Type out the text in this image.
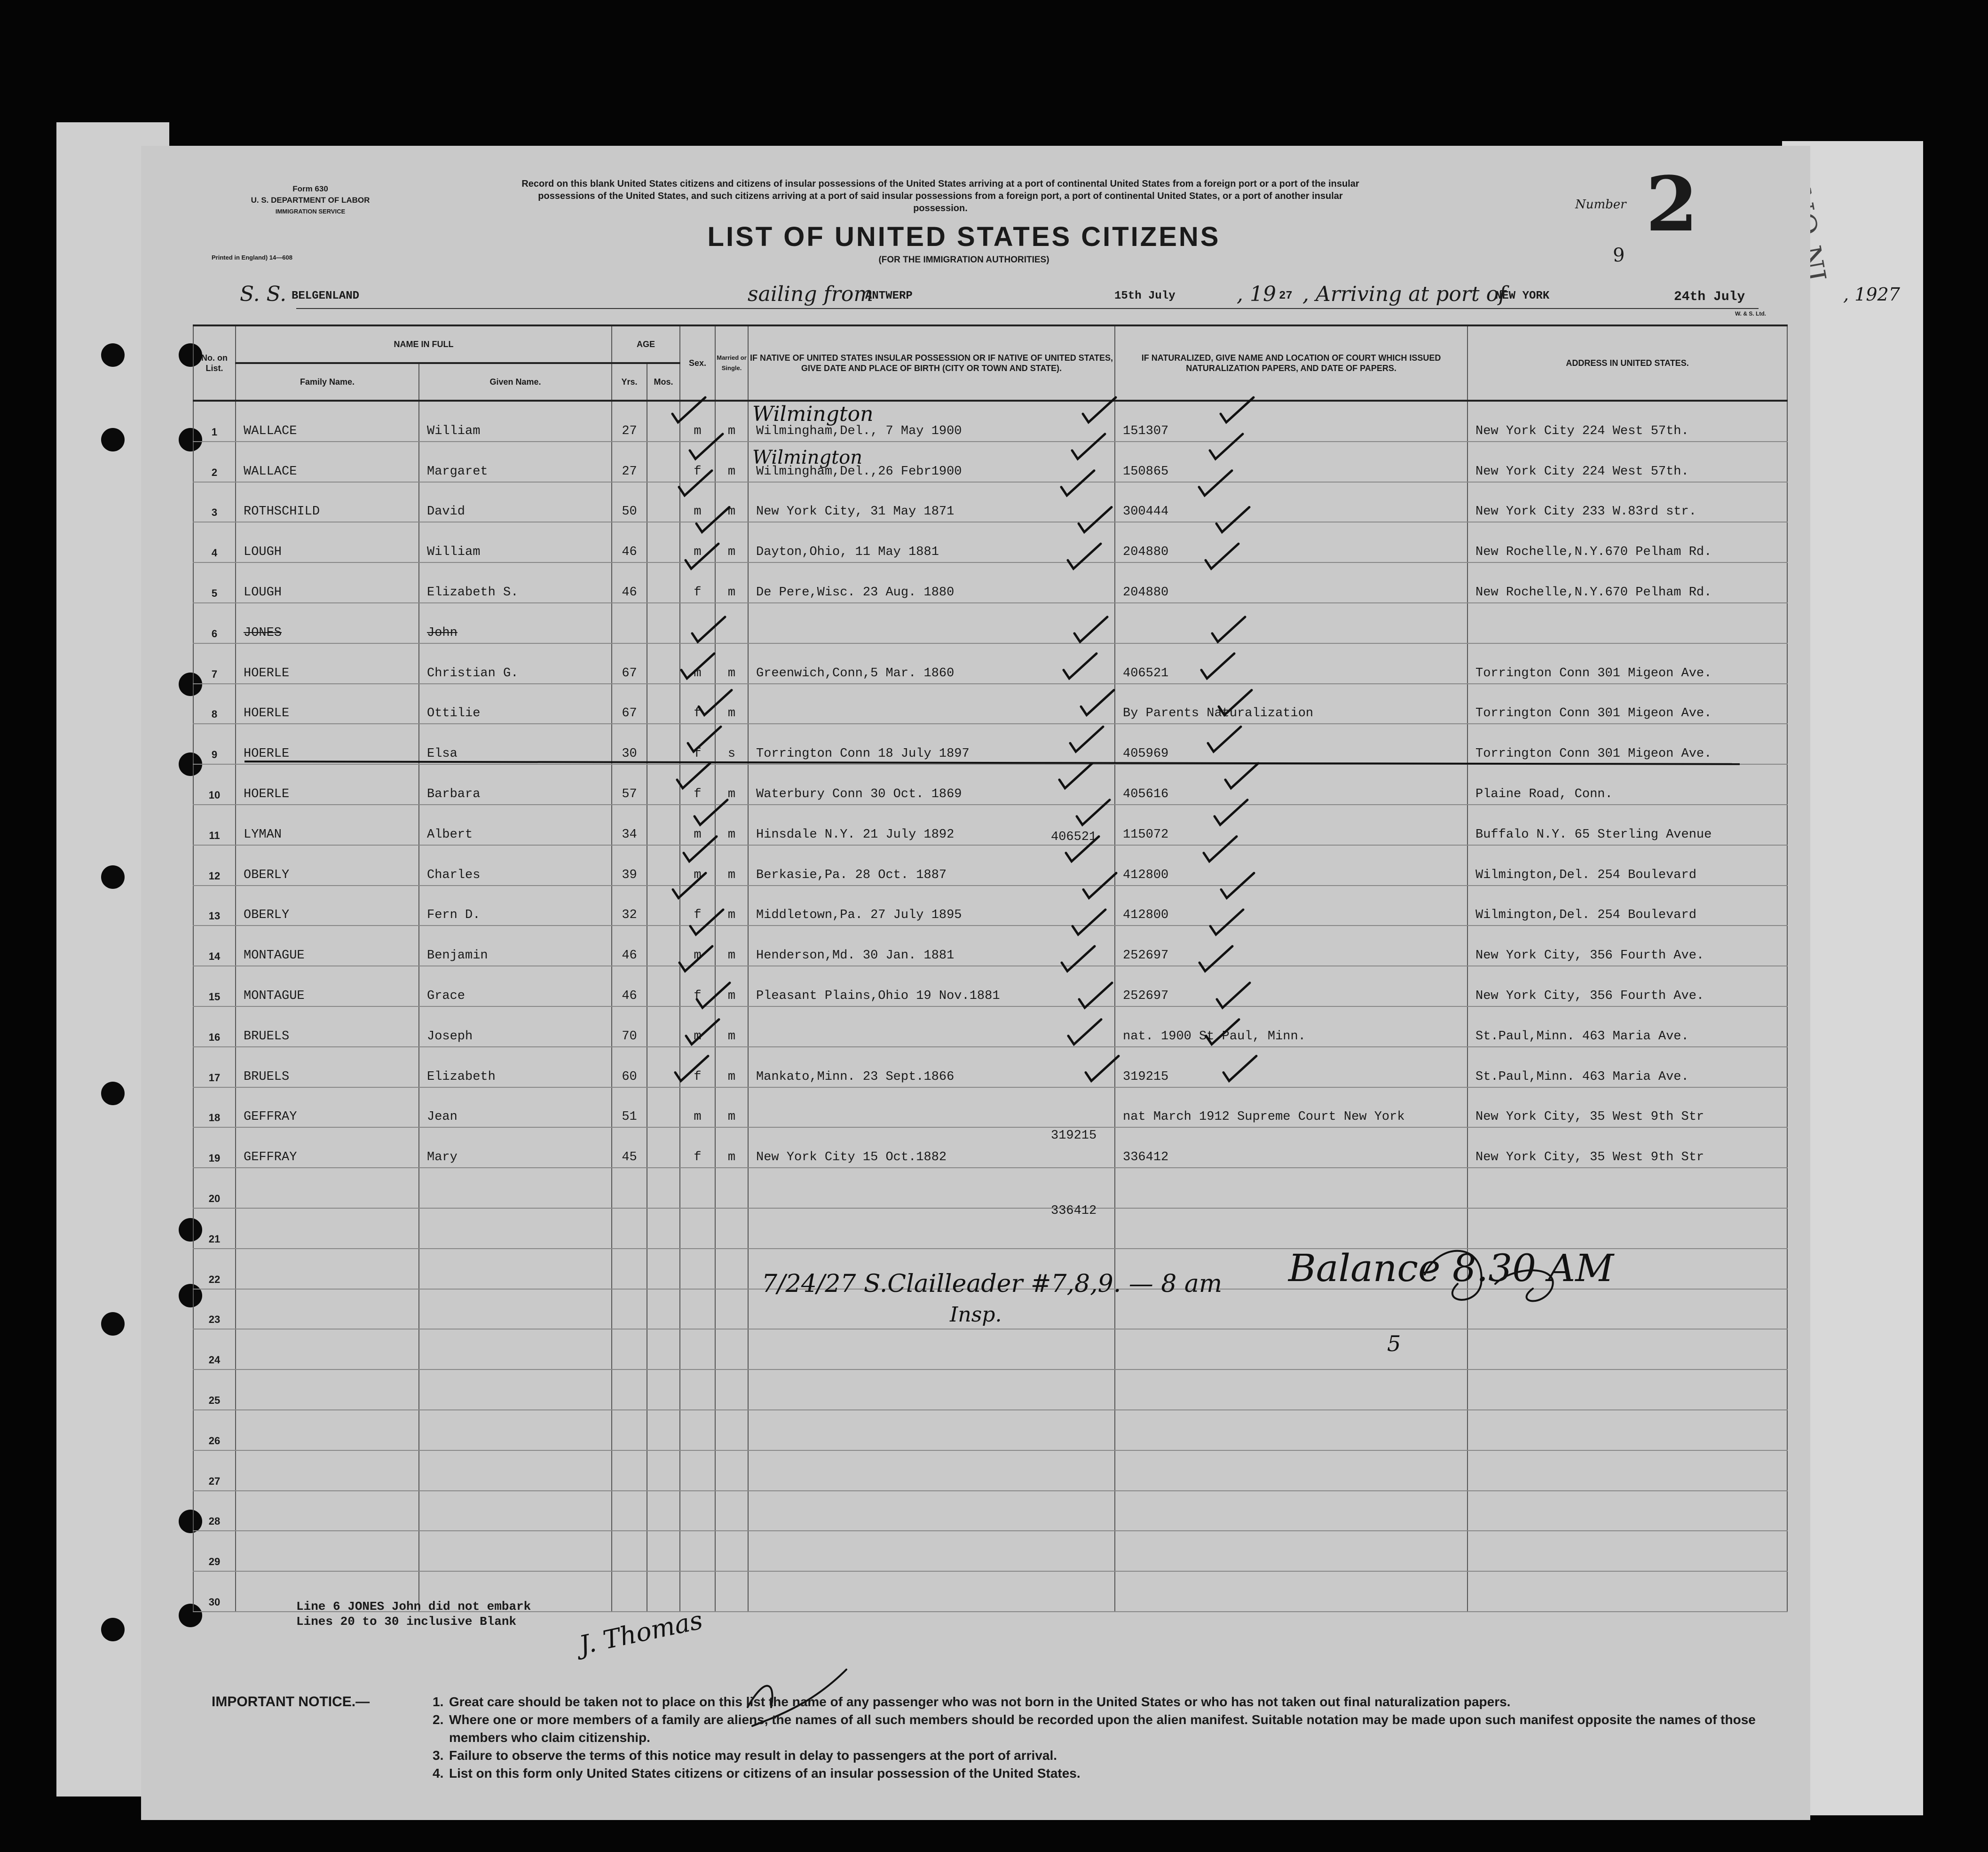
Form 630
U. S. DEPARTMENT OF LABOR
IMMIGRATION SERVICE
Printed in England) 14—608
Record on this blank United States citizens and citizens of insular possessions of the United States arriving at a port of continental United States from a foreign port or a port of the insular possessions of the United States, and such citizens arriving at a port of said insular possessions from a foreign port, a port of continental United States, or a port of another insular possession.
LIST OF UNITED STATES CITIZENS
(FOR THE IMMIGRATION AUTHORITIES)
Number 2
9
S. S. BELGENLAND	sailing from
ANTWERP	15th July	, 19 27 , Arriving at port of
NEW YORK	24th July	, 1927
W. & S. Ltd.
No. on List.	NAME IN FULL		AGE		Sex.	Married or Single.	IF NATIVE OF UNITED STATES INSULAR POSSESSION OR IF NATIVE OF UNITED STATES, GIVE DATE AND PLACE OF BIRTH (CITY OR TOWN AND STATE).	IF NATURALIZED, GIVE NAME AND LOCATION OF COURT WHICH ISSUED NATURALIZATION PAPERS, AND DATE OF PAPERS.	ADDRESS IN UNITED STATES.
	Family Name.	Given Name.	Yrs.	Mos.					
1	WALLACE	William	27		m	m	Wilmingham,Del., 7 May 1900	151307	New York City 224 West 57th.
2	WALLACE	Margaret	27		f	m	Wilmingham,Del.,26 Febr1900	150865	New York City 224 West 57th.
3	ROTHSCHILD	David	50		m	m	New York City, 31 May 1871	300444	New York City 233 W.83rd str.
4	LOUGH	William	46		m	m	Dayton,Ohio, 11 May 1881	204880	New Rochelle,N.Y.670 Pelham Rd.
5	LOUGH	Elizabeth S.	46		f	m	De Pere,Wisc. 23 Aug. 1880	204880	New Rochelle,N.Y.670 Pelham Rd.
6	JONES	John							
7	HOERLE	Christian G.	67		m	m	Greenwich,Conn,5 Mar. 1860	406521	Torrington Conn 301 Migeon Ave.
8	HOERLE	Ottilie	67		f	m		By Parents Naturalization	Torrington Conn 301 Migeon Ave.
9	HOERLE	Elsa	30		f	s	Torrington Conn 18 July 1897	405969	Torrington Conn 301 Migeon Ave.
10	HOERLE	Barbara	57		f	m	Waterbury Conn 30 Oct. 1869	405616	Plaine Road, Conn.
11	LYMAN	Albert	34		m	m	Hinsdale N.Y. 21 July 1892	115072	Buffalo N.Y. 65 Sterling Avenue
12	OBERLY	Charles	39		m	m	Berkasie,Pa. 28 Oct. 1887	412800	Wilmington,Del. 254 Boulevard
13	OBERLY	Fern D.	32		f	m	Middletown,Pa. 27 July 1895	412800	Wilmington,Del. 254 Boulevard
14	MONTAGUE	Benjamin	46		m	m	Henderson,Md. 30 Jan. 1881	252697	New York City, 356 Fourth Ave.
15	MONTAGUE	Grace	46		f	m	Pleasant Plains,Ohio 19 Nov.1881	252697	New York City, 356 Fourth Ave.
16	BRUELS	Joseph	70		m	m		nat. 1900 St.Paul, Minn.	St.Paul,Minn. 463 Maria Ave.
17	BRUELS	Elizabeth	60		f	m	Mankato,Minn. 23 Sept.1866	319215	St.Paul,Minn. 463 Maria Ave.
18	GEFFRAY	Jean	51		m	m		nat March 1912 Supreme Court New York	New York City, 35 West 9th Str
19	GEFFRAY	Mary	45		f	m	New York City 15 Oct.1882	336412	New York City, 35 West 9th Str
20									
21									
22									
23									
24									
25									
26									
27									
28									
29									
30									
406521
319215
336412
Wilmington
Wilmington
7/24/27 S.Clailleader #7,8,9. — 8 am
Insp.
Balance 8.30 AM
5
J. Thomas
Line 6 JONES John did not embark
Lines 20 to 30 inclusive Blank
IMPORTANT NOTICE.—	1. Great care should be taken not to place on this list the name of any passenger who was not born in the United States or who has not taken out final naturalization papers.
2. Where one or more members of a family are aliens, the names of all such members should be recorded upon the alien manifest. Suitable notation may be made upon such manifest opposite the names of those members who claim citizenship.
3. Failure to observe the terms of this notice may result in delay to passengers at the port of arrival.
4. List on this form only United States citizens or citizens of an insular possession of the United States.
